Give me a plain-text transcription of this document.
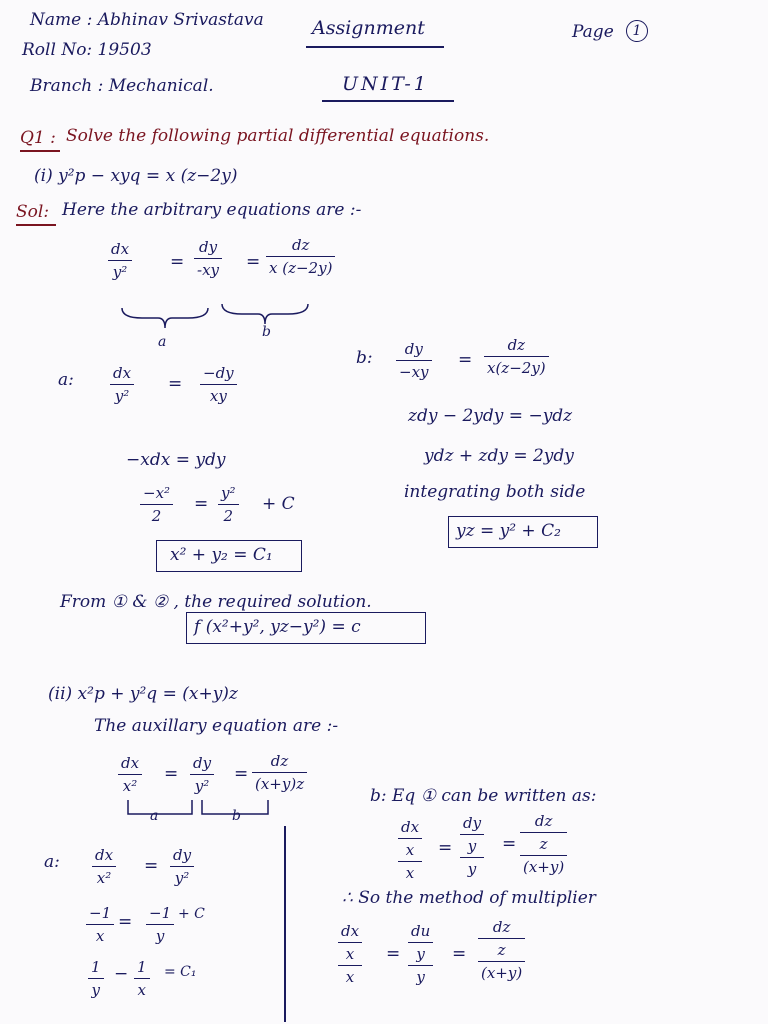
Name : Abhinav Srivastava
Roll No: 19503
Branch : Mechanical.
Assignment
UNIT-1
Page	1
Q1 : Solve the following partial differential equations.
(i) y²p − xyq = x (z−2y)
Sol: Here the arbitrary equations are :-
dx
y²	=
dy
-xy =
dz
x (z−2y)
a
b
a:	dx
y²
=
−dy
xy
−xdx = ydy
−x²
2
=
y²
2
+ C
x² + y₂ = C₁
b: dy
−xy
=
dz
x(z−2y)
zdy − 2ydy = −ydz
ydz + zdy = 2ydy
integrating both side
yz = y² + C₂
From ① & ② , the required solution.
f (x²+y², yz−y²) = c
(ii) x²p + y²q = (x+y)z
The auxillary equation are :-
dx
x²
=
dy
y²
=
dz
(x+y)z
a	b
b: Eq ① can be written as:
dx
x
x
=
dy
y
y
=
dz
z
(x+y)
a: dx
x²
=
dy
y²
−1
x
= −1
y
+ C
1
y
− 1
x
= C₁
∴ So the method of multiplier
dx
x
x
=
du
y
y
=
dz
z
(x+y)
